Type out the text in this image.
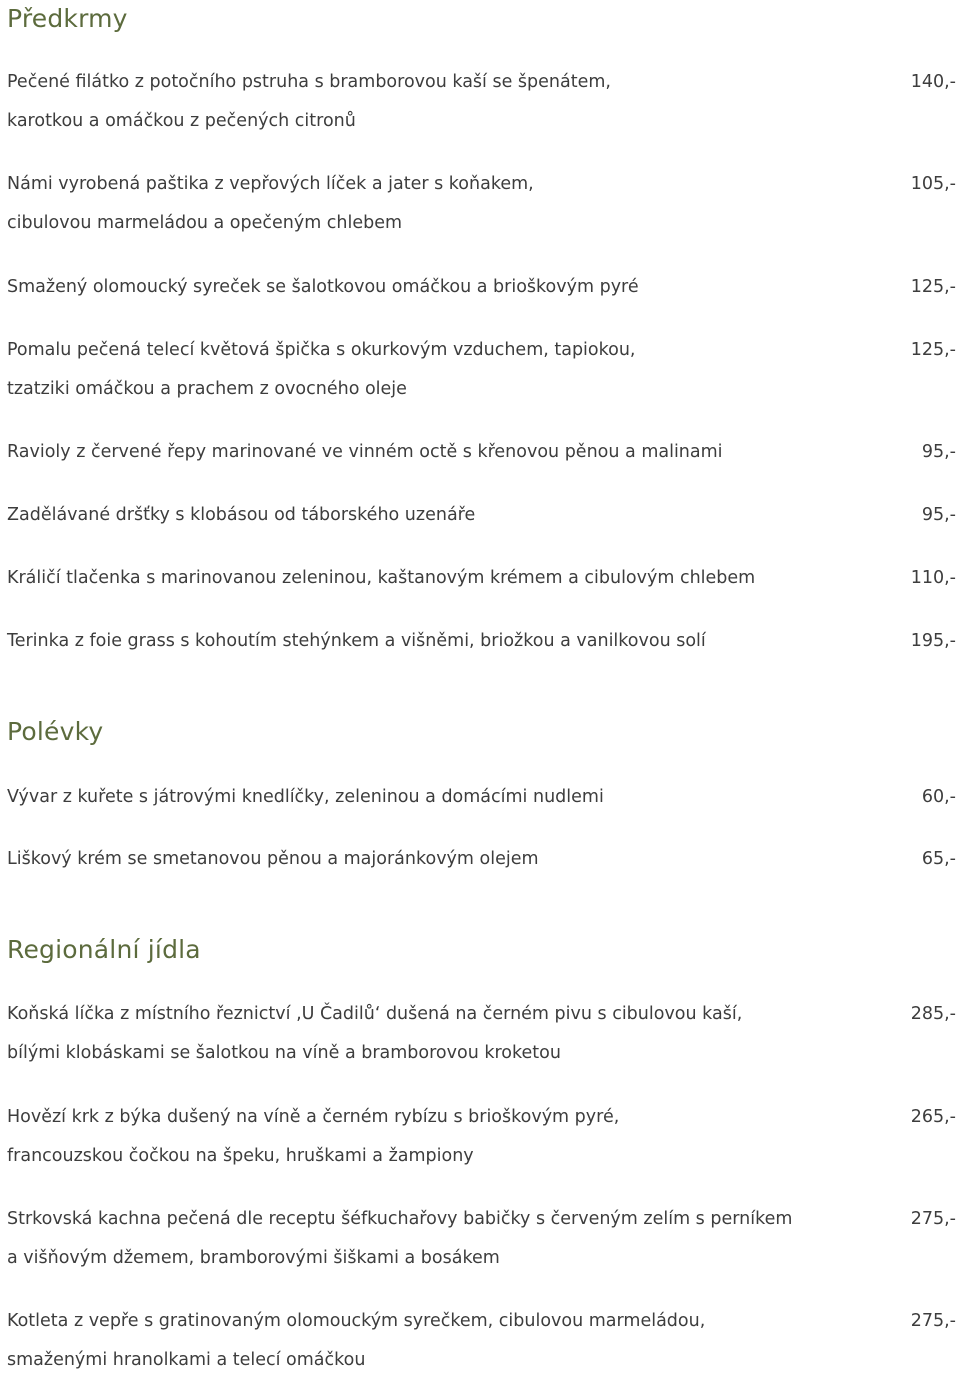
Předkrmy
Pečené filátko z potočního pstruha s bramborovou kaší se špenátem,
karotkou a omáčkou z pečených citronů
140,-
Námi vyrobená paštika z vepřových líček a jater s koňakem,
cibulovou marmeládou a opečeným chlebem
105,-
Smažený olomoucký syreček se šalotkovou omáčkou a brioškovým pyré	125,-
Pomalu pečená telecí květová špička s okurkovým vzduchem, tapiokou,
tzatziki omáčkou a prachem z ovocného oleje
125,-
Ravioly z červené řepy marinované ve vinném octě s křenovou pěnou a malinami	95,-
Zadělávané dršťky s klobásou od táborského uzenáře	95,-
Králičí tlačenka s marinovanou zeleninou, kaštanovým krémem a cibulovým chlebem	110,-
Terinka z foie grass s kohoutím stehýnkem a višněmi, briožkou a vanilkovou solí	195,-
Polévky
Vývar z kuřete s játrovými knedlíčky, zeleninou a domácími nudlemi	60,-
Liškový krém se smetanovou pěnou a majoránkovým olejem	65,-
Regionální jídla
Koňská líčka z místního řeznictví ‚U Čadilů‘ dušená na černém pivu s cibulovou kaší,
bílými klobáskami se šalotkou na víně a bramborovou kroketou
285,-
Hovězí krk z býka dušený na víně a černém rybízu s brioškovým pyré,
francouzskou čočkou na špeku, hruškami a žampiony
265,-
Strkovská kachna pečená dle receptu šéfkuchařovy babičky s červeným zelím s perníkem
a višňovým džemem, bramborovými šiškami a bosákem
275,-
Kotleta z vepře s gratinovaným olomouckým syrečkem, cibulovou marmeládou,
smaženými hranolkami a telecí omáčkou
275,-
